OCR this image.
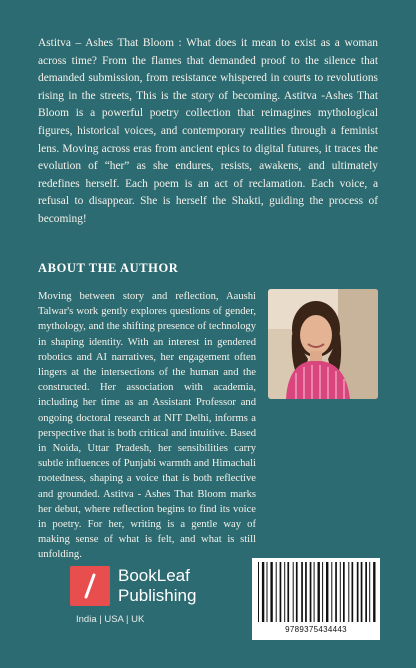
Astitva – Ashes That Bloom : What does it mean to exist as a woman across time? From the flames that demanded proof to the silence that demanded submission, from resistance whispered in courts to revolutions rising in the streets, This is the story of becoming. Astitva -Ashes That Bloom is a powerful poetry collection that reimagines mythological figures, historical voices, and contemporary realities through a feminist lens. Moving across eras from ancient epics to digital futures, it traces the evolution of “her” as she endures, resists, awakens, and ultimately redefines herself. Each poem is an act of reclamation. Each voice, a refusal to disappear. She is herself the Shakti, guiding the process of becoming!

ABOUT THE AUTHOR

Moving between story and reflection, Aaushi Talwar's work gently explores questions of gender, mythology, and the shifting presence of technology in shaping identity. With an interest in gendered robotics and AI narratives, her engagement often lingers at the intersections of the human and the constructed. Her association with academia, including her time as an Assistant Professor and ongoing doctoral research at NIT Delhi, informs a perspective that is both critical and intuitive. Based in Noida, Uttar Pradesh, her sensibilities carry subtle influences of Punjabi warmth and Himachali rootedness, shaping a voice that is both reflective and grounded. Astitva - Ashes That Bloom marks her debut, where reflection begins to find its voice in poetry. For her, writing is a gentle way of making sense of what is felt, and what is still unfolding.

BookLeaf
Publishing
India | USA | UK
9789375434443
